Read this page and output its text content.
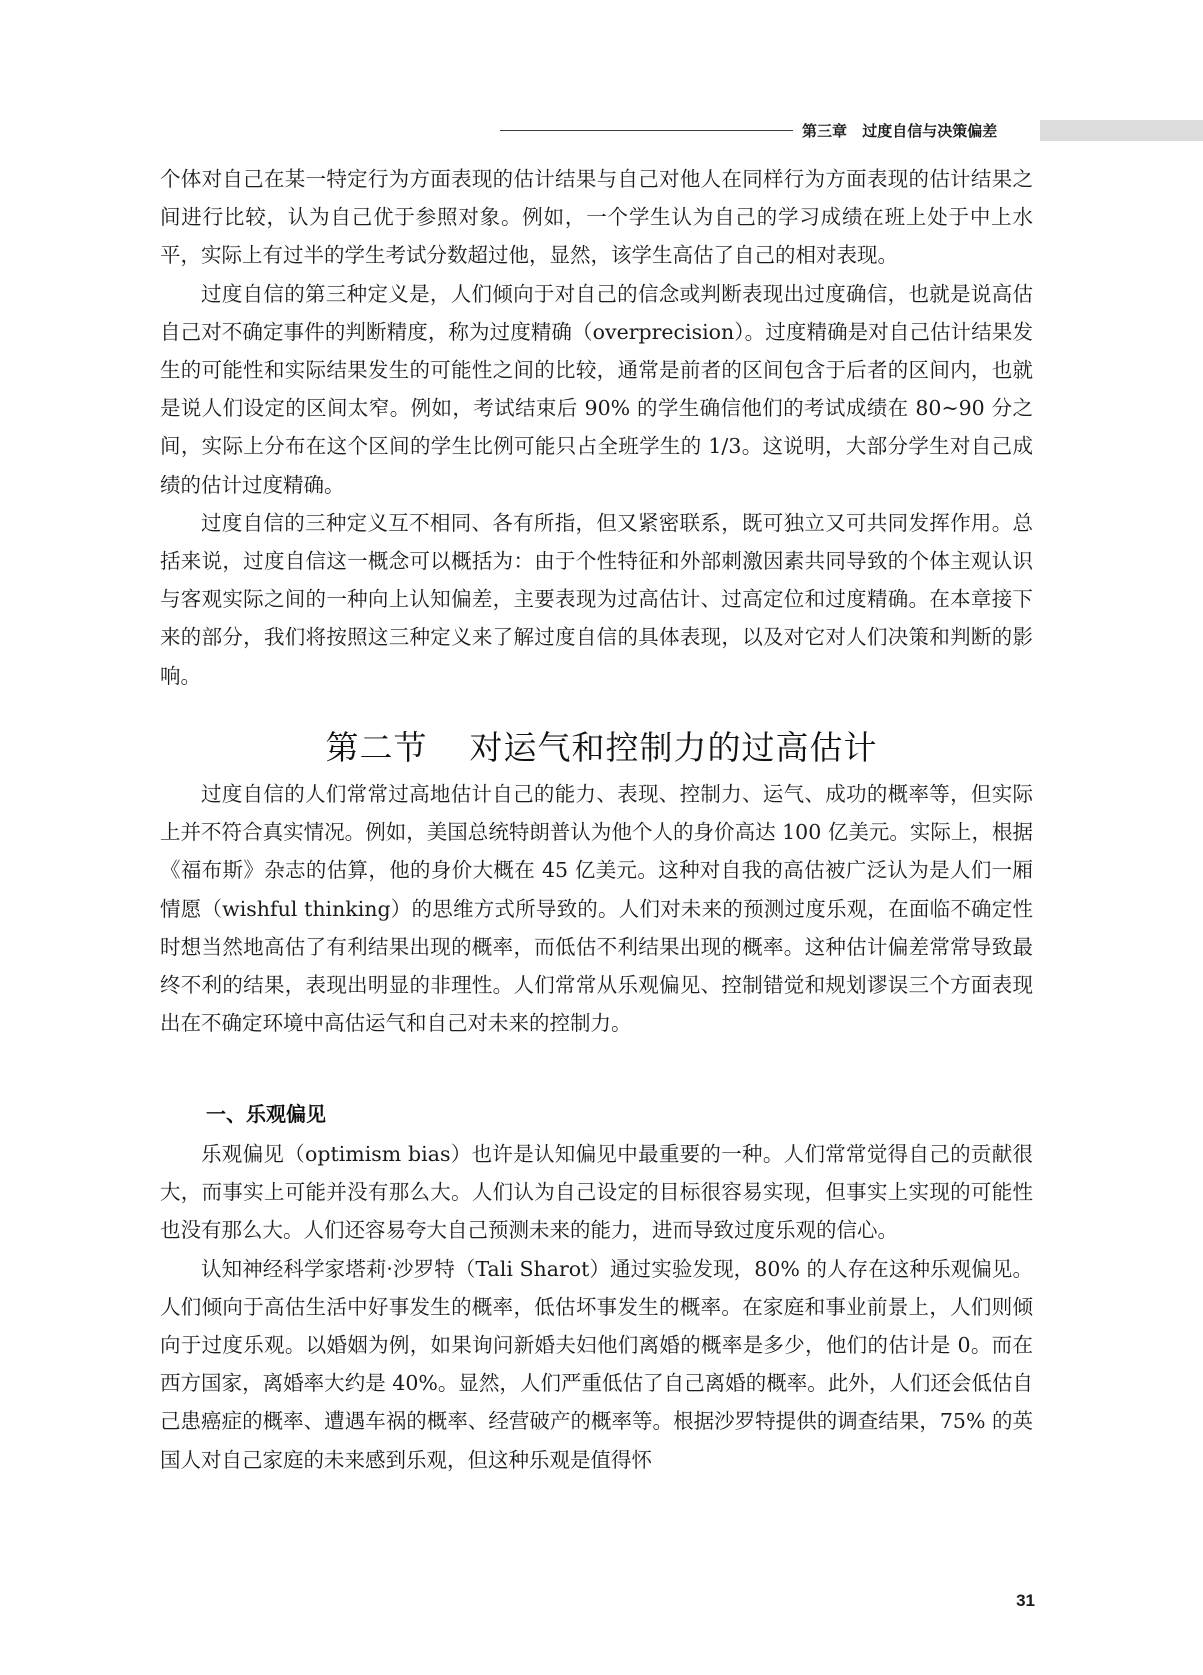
第三章 过度自信与决策偏差

个体对自己在某一特定行为方面表现的估计结果与自己对他人在同样行为方面表现的估计结果之间进行比较，认为自己优于参照对象。例如，一个学生认为自己的学习成绩在班上处于中上水平，实际上有过半的学生考试分数超过他，显然，该学生高估了自己的相对表现。

过度自信的第三种定义是，人们倾向于对自己的信念或判断表现出过度确信，也就是说高估自己对不确定事件的判断精度，称为过度精确（overprecision）。过度精确是对自己估计结果发生的可能性和实际结果发生的可能性之间的比较，通常是前者的区间包含于后者的区间内，也就是说人们设定的区间太窄。例如，考试结束后 90% 的学生确信他们的考试成绩在 80~90 分之间，实际上分布在这个区间的学生比例可能只占全班学生的 1/3。这说明，大部分学生对自己成绩的估计过度精确。

过度自信的三种定义互不相同、各有所指，但又紧密联系，既可独立又可共同发挥作用。总括来说，过度自信这一概念可以概括为：由于个性特征和外部刺激因素共同导致的个体主观认识与客观实际之间的一种向上认知偏差，主要表现为过高估计、过高定位和过度精确。在本章接下来的部分，我们将按照这三种定义来了解过度自信的具体表现，以及对它对人们决策和判断的影响。

第二节 对运气和控制力的过高估计

过度自信的人们常常过高地估计自己的能力、表现、控制力、运气、成功的概率等，但实际上并不符合真实情况。例如，美国总统特朗普认为他个人的身价高达 100 亿美元。实际上，根据《福布斯》杂志的估算，他的身价大概在 45 亿美元。这种对自我的高估被广泛认为是人们一厢情愿（wishful thinking）的思维方式所导致的。人们对未来的预测过度乐观，在面临不确定性时想当然地高估了有利结果出现的概率，而低估不利结果出现的概率。这种估计偏差常常导致最终不利的结果，表现出明显的非理性。人们常常从乐观偏见、控制错觉和规划谬误三个方面表现出在不确定环境中高估运气和自己对未来的控制力。

一、乐观偏见

乐观偏见（optimism bias）也许是认知偏见中最重要的一种。人们常常觉得自己的贡献很大，而事实上可能并没有那么大。人们认为自己设定的目标很容易实现，但事实上实现的可能性也没有那么大。人们还容易夸大自己预测未来的能力，进而导致过度乐观的信心。

认知神经科学家塔莉·沙罗特（Tali Sharot）通过实验发现，80% 的人存在这种乐观偏见。人们倾向于高估生活中好事发生的概率，低估坏事发生的概率。在家庭和事业前景上，人们则倾向于过度乐观。以婚姻为例，如果询问新婚夫妇他们离婚的概率是多少，他们的估计是 0。而在西方国家，离婚率大约是 40%。显然，人们严重低估了自己离婚的概率。此外，人们还会低估自己患癌症的概率、遭遇车祸的概率、经营破产的概率等。根据沙罗特提供的调查结果，75% 的英国人对自己家庭的未来感到乐观，但这种乐观是值得怀

31
